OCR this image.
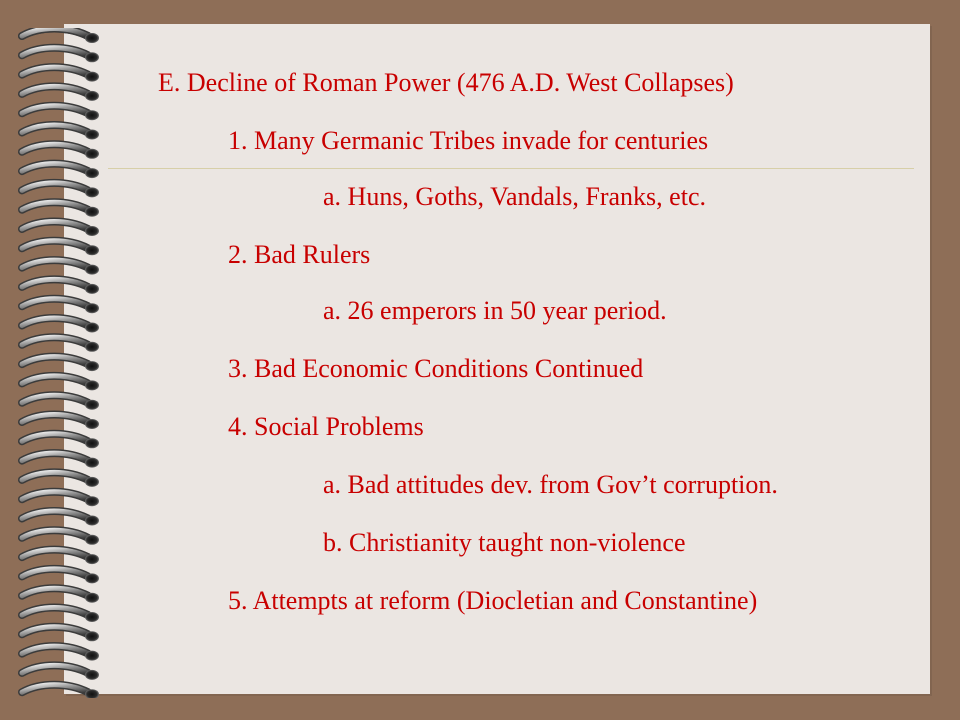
E. Decline of Roman Power (476 A.D. West Collapses)
1. Many Germanic Tribes invade for centuries
a. Huns, Goths, Vandals, Franks, etc.
2. Bad Rulers
a. 26 emperors in 50 year period.
3. Bad Economic Conditions Continued
4. Social Problems
a. Bad attitudes dev. from Gov’t corruption.
b. Christianity taught non-violence
5. Attempts at reform (Diocletian and Constantine)
